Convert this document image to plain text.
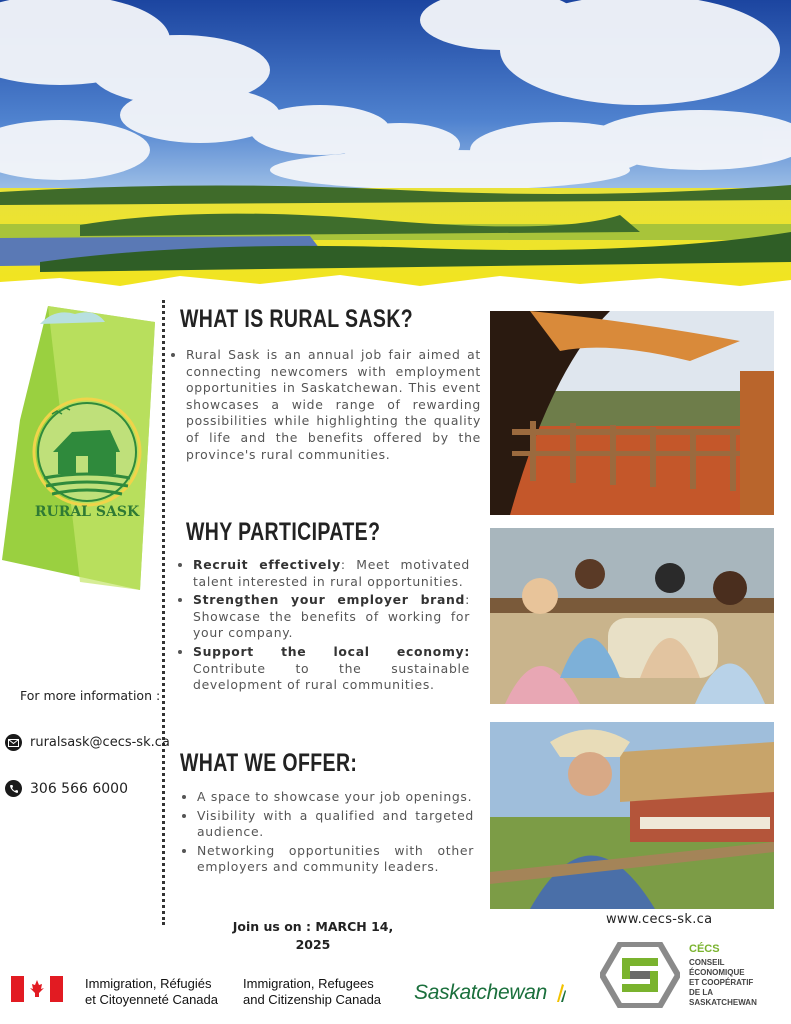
RURAL SASK
WHAT IS RURAL SASK?
• Rural Sask is an annual job fair aimed at connecting newcomers with employment opportunities in Saskatchewan. This event showcases a wide range of rewarding possibilities while highlighting the quality of life and the benefits offered by the province's rural communities.
WHY PARTICIPATE?
• Recruit effectively: Meet motivated talent interested in rural opportunities.
• Strengthen your employer brand: Showcase the benefits of working for your company.
• Support the local economy: Contribute to the sustainable development of rural communities.
WHAT WE OFFER:
• A space to showcase your job openings.
• Visibility with a qualified and targeted audience.
• Networking opportunities with other employers and community leaders.
For more information :
ruralsask@cecs-sk.ca
306 566 6000
Join us on : MARCH 14, 2025
www.cecs-sk.ca
Immigration, Réfugiés
et Citoyenneté Canada
Immigration, Refugees
and Citizenship Canada Saskatchewan
CÉCS
CONSEIL
ÉCONOMIQUE
ET COOPÉRATIF
DE LA
SASKATCHEWAN
